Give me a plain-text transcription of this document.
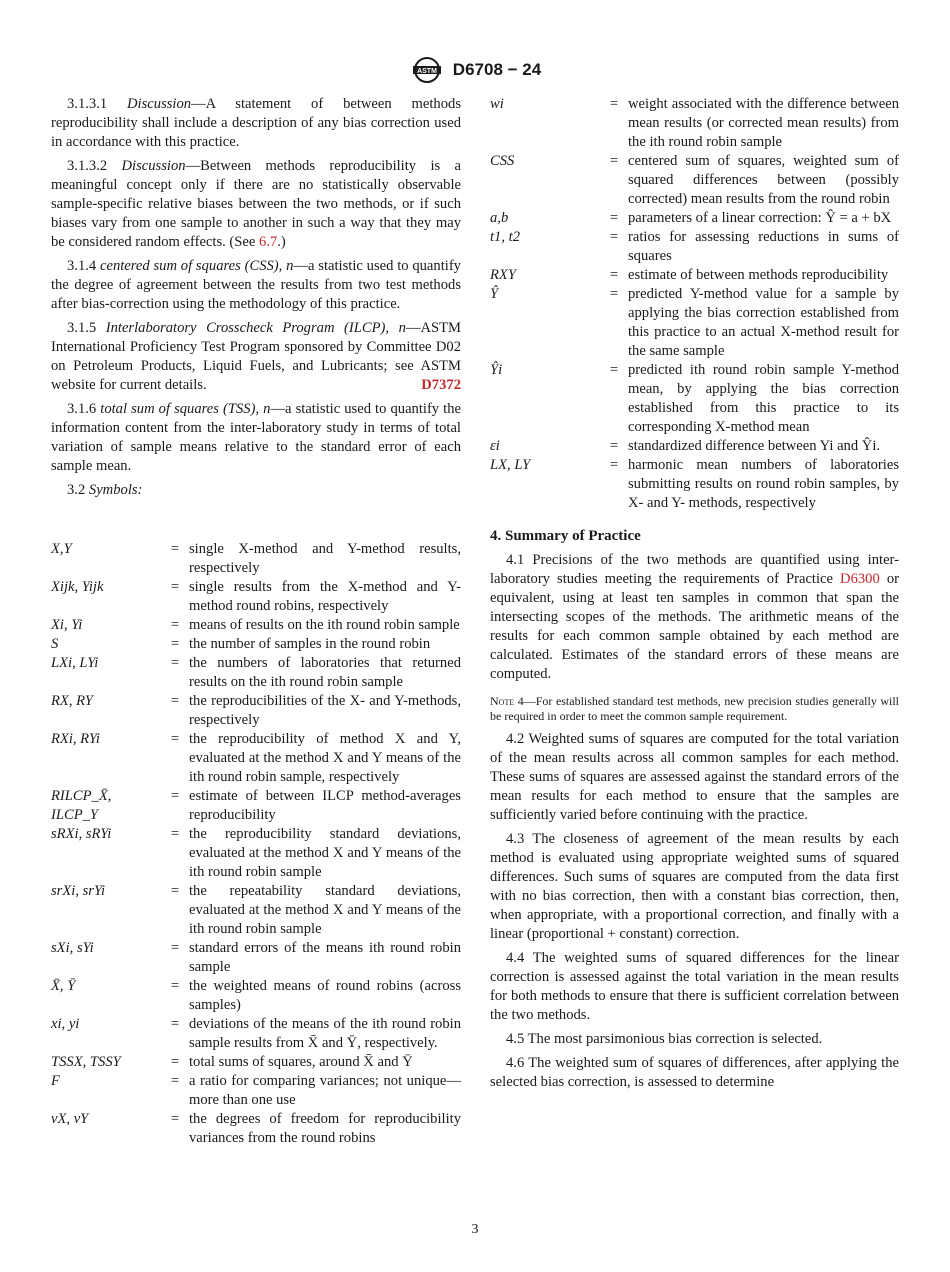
ASTM D6708 − 24

3.1.3.1 Discussion—A statement of between methods reproducibility shall include a description of any bias correction used in accordance with this practice.

3.1.3.2 Discussion—Between methods reproducibility is a meaningful concept only if there are no statistically observable sample-specific relative biases between the two methods, or if such biases vary from one sample to another in such a way that they may be considered random effects. (See 6.7.)

3.1.4 centered sum of squares (CSS), n—a statistic used to quantify the degree of agreement between the results from two test methods after bias-correction using the methodology of this practice.

3.1.5 Interlaboratory Crosscheck Program (ILCP), n—ASTM International Proficiency Test Program sponsored by Committee D02 on Petroleum Products, Liquid Fuels, and Lubricants; see ASTM website for current details.	D7372

3.1.6 total sum of squares (TSS), n—a statistic used to quantify the information content from the inter-laboratory study in terms of total variation of sample means relative to the standard error of each sample mean.

3.2 Symbols:

X,Y	= single X-method and Y-method results, respectively
Xijk, Yijk	= single results from the X-method and Y-method round robins, respectively
Xi, Yi	= means of results on the ith round robin sample
S	= the number of samples in the round robin
LXi, LYi	= the numbers of laboratories that returned results on the ith round robin sample
RX, RY	= the reproducibilities of the X- and Y-methods, respectively
RXi, RYi	= the reproducibility of method X and Y, evaluated at the method X and Y means of the ith round robin sample, respectively
RILCP_X̄, ILCP_Y
= estimate of between ILCP method-averages reproducibility
sRXi, sRYi	= the reproducibility standard deviations, evaluated at the method X and Y means of the ith round robin sample
srXi, srYi	= the repeatability standard deviations, evaluated at the method X and Y means of the ith round robin sample
sXi, sYi	= standard errors of the means ith round robin sample
X̄, Ȳ	= the weighted means of round robins (across samples)
xi, yi	= deviations of the means of the ith round robin sample results from X̄ and Ȳ, respectively.
TSSX, TSSY	= total sums of squares, around X̄ and Ȳ
F	= a ratio for comparing variances; not unique—more than one use
vX, vY	= the degrees of freedom for reproducibility variances from the round robins
wi	= weight associated with the difference between mean results (or corrected mean results) from the ith round robin sample
CSS	= centered sum of squares, weighted sum of squared differences between (possibly corrected) mean results from the round robin
a,b	= parameters of a linear correction: Ŷ = a + bX
t1, t2	= ratios for assessing reductions in sums of squares
RXY	= estimate of between methods reproducibility
Ŷ	= predicted Y-method value for a sample by applying the bias correction established from this practice to an actual X-method result for the same sample
Ŷi	= predicted ith round robin sample Y-method mean, by applying the bias correction established from this practice to its corresponding X-method mean
εi	= standardized difference between Yi and Ŷi.
LX, LY	= harmonic mean numbers of laboratories submitting results on round robin samples, by X- and Y- methods, respectively
4. Summary of Practice

4.1 Precisions of the two methods are quantified using inter-laboratory studies meeting the requirements of Practice D6300 or equivalent, using at least ten samples in common that span the intersecting scopes of the methods. The arithmetic means of the results for each common sample obtained by each method are calculated. Estimates of the standard errors of these means are computed.

Note 4—For established standard test methods, new precision studies generally will be required in order to meet the common sample requirement.

4.2 Weighted sums of squares are computed for the total variation of the mean results across all common samples for each method. These sums of squares are assessed against the standard errors of the mean results for each method to ensure that the samples are sufficiently varied before continuing with the practice.

4.3 The closeness of agreement of the mean results by each method is evaluated using appropriate weighted sums of squared differences. Such sums of squares are computed from the data first with no bias correction, then with a constant bias correction, then, when appropriate, with a proportional correction, and finally with a linear (proportional + constant) correction.

4.4 The weighted sums of squared differences for the linear correction is assessed against the total variation in the mean results for both methods to ensure that there is sufficient correlation between the two methods.

4.5 The most parsimonious bias correction is selected.

4.6 The weighted sum of squares of differences, after applying the selected bias correction, is assessed to determine

3
